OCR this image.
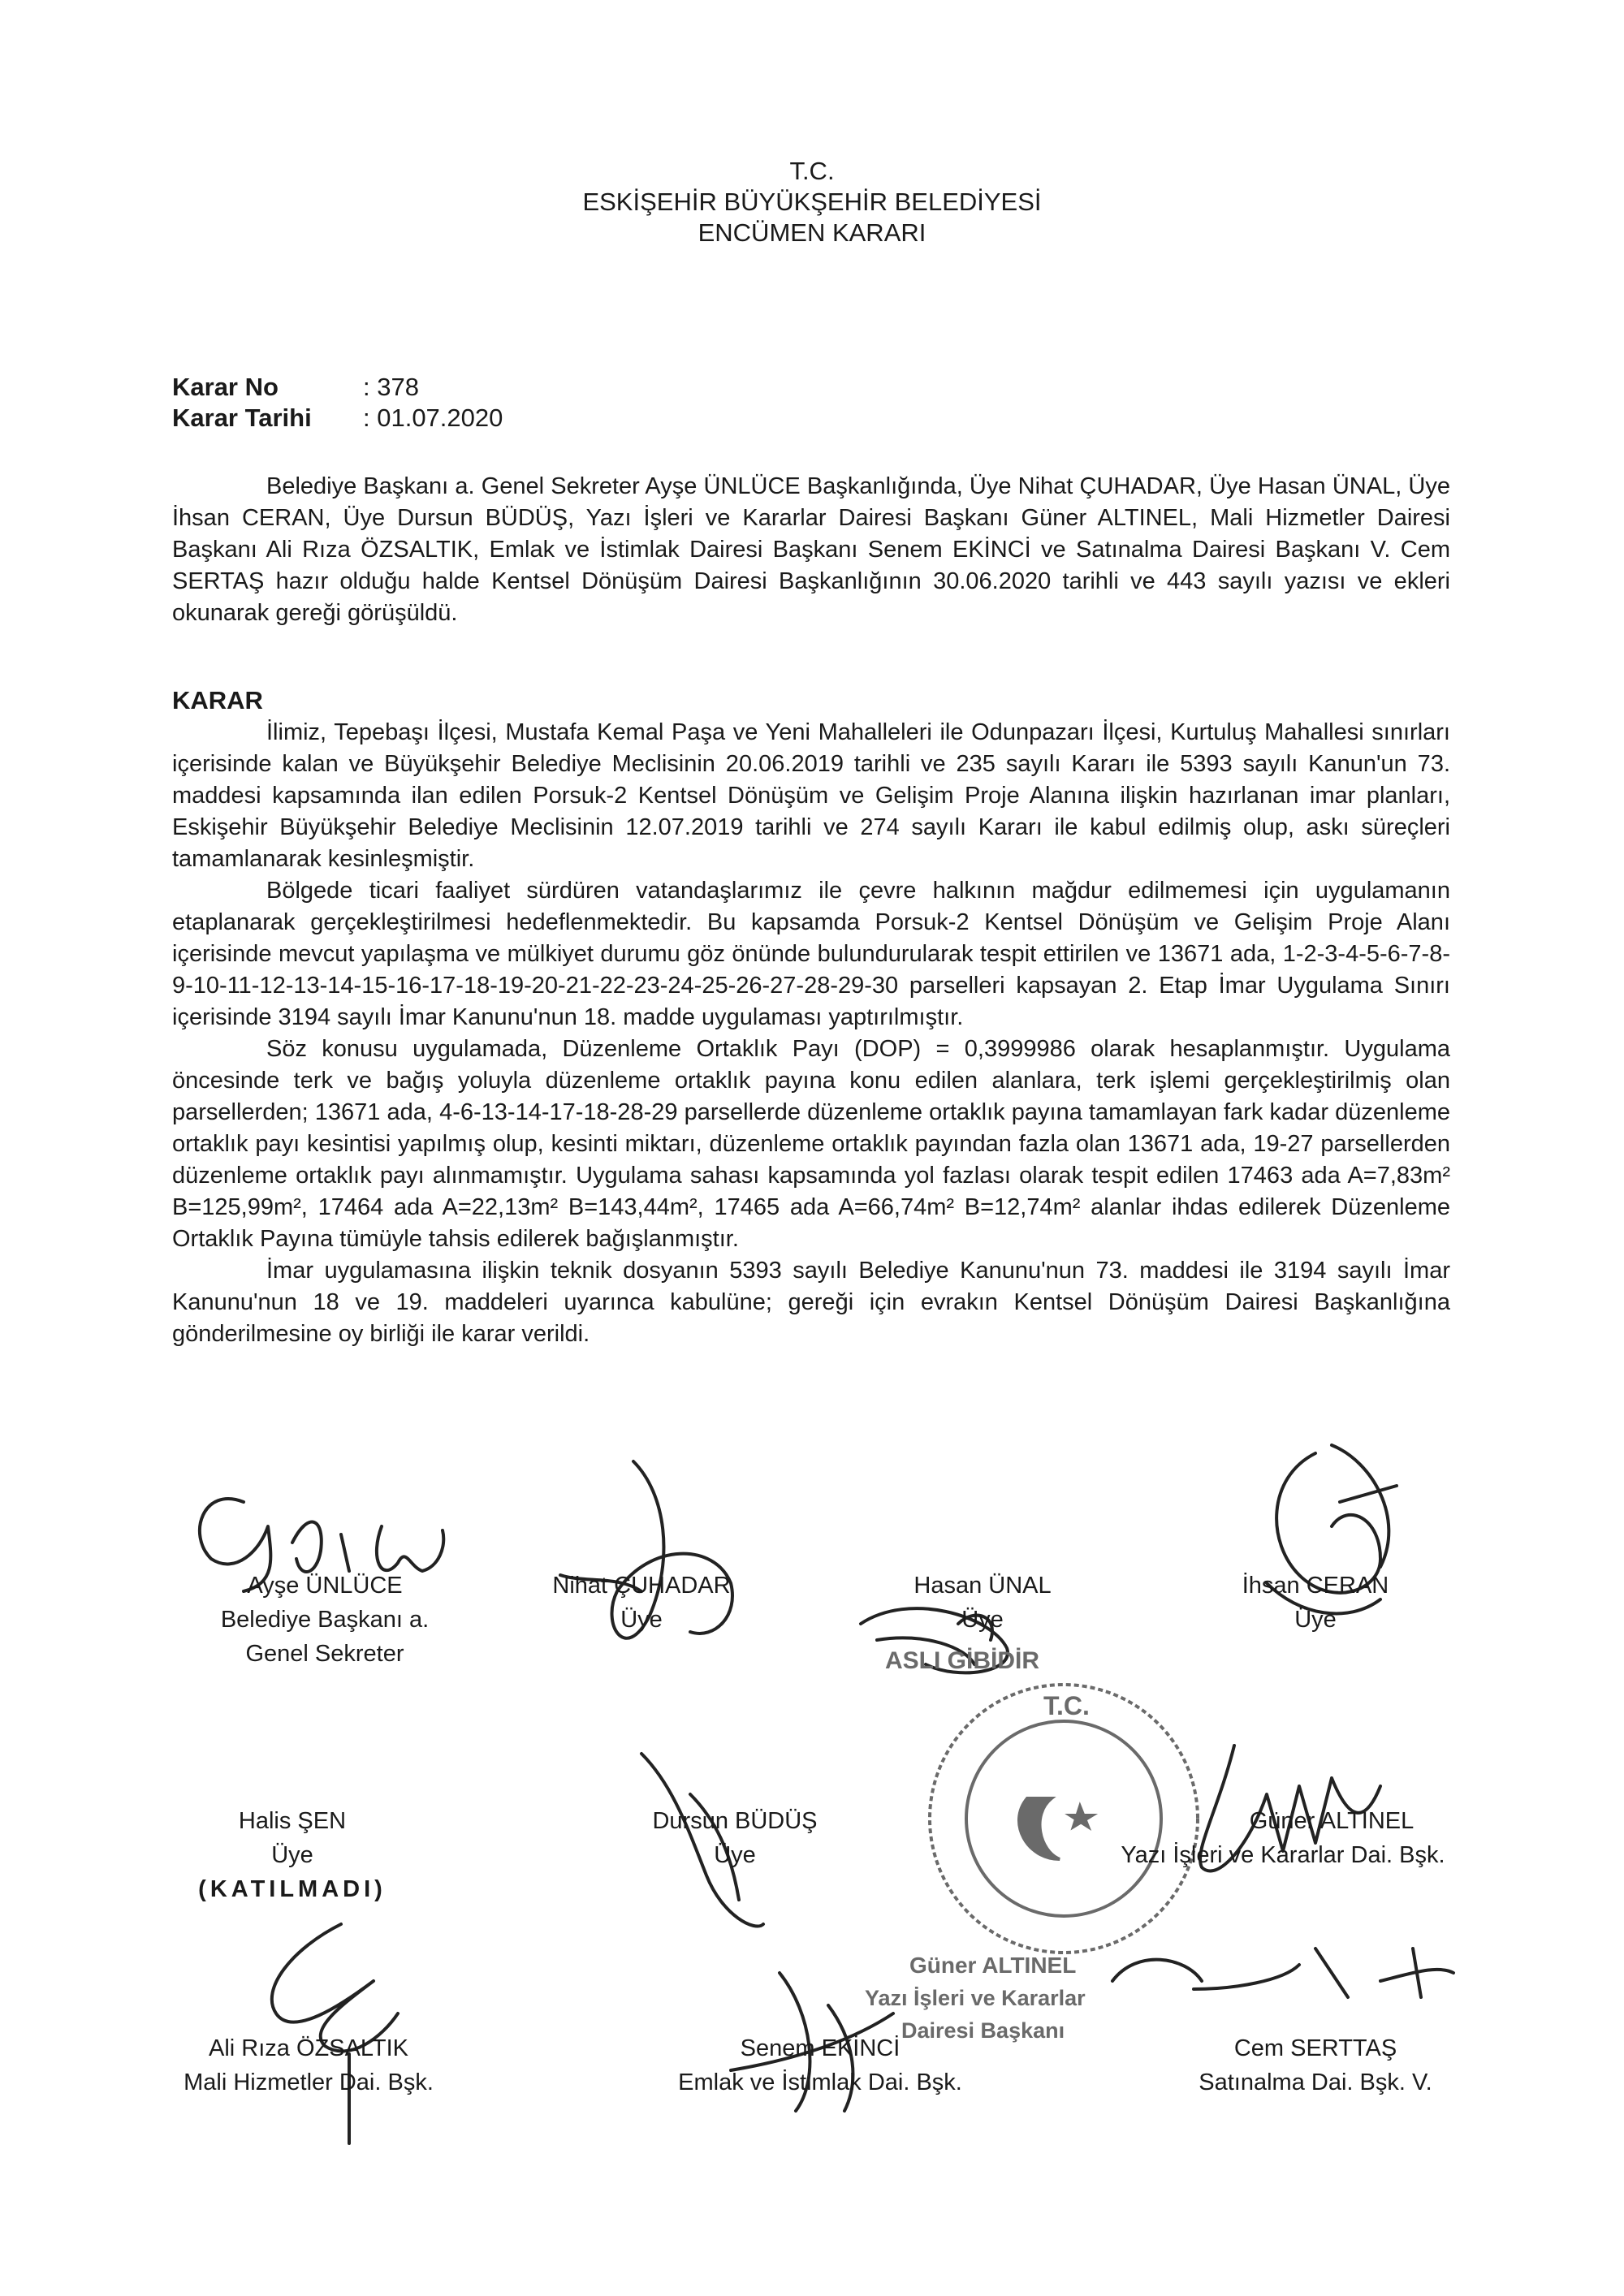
T.C.
ESKİŞEHİR BÜYÜKŞEHİR BELEDİYESİ
ENCÜMEN KARARI
Karar No	: 378
Karar Tarihi : 01.07.2020

Belediye Başkanı a. Genel Sekreter Ayşe ÜNLÜCE Başkanlığında, Üye Nihat ÇUHADAR, Üye Hasan ÜNAL, Üye İhsan CERAN, Üye Dursun BÜDÜŞ, Yazı İşleri ve Kararlar Dairesi Başkanı Güner ALTINEL, Mali Hizmetler Dairesi Başkanı Ali Rıza ÖZSALTIK, Emlak ve İstimlak Dairesi Başkanı Senem EKİNCİ ve Satınalma Dairesi Başkanı V. Cem SERTAŞ hazır olduğu halde Kentsel Dönüşüm Dairesi Başkanlığının 30.06.2020 tarihli ve 443 sayılı yazısı ve ekleri okunarak gereği görüşüldü.

KARAR

İlimiz, Tepebaşı İlçesi, Mustafa Kemal Paşa ve Yeni Mahalleleri ile Odunpazarı İlçesi, Kurtuluş Mahallesi sınırları içerisinde kalan ve Büyükşehir Belediye Meclisinin 20.06.2019 tarihli ve 235 sayılı Kararı ile 5393 sayılı Kanun'un 73. maddesi kapsamında ilan edilen Porsuk-2 Kentsel Dönüşüm ve Gelişim Proje Alanına ilişkin hazırlanan imar planları, Eskişehir Büyükşehir Belediye Meclisinin 12.07.2019 tarihli ve 274 sayılı Kararı ile kabul edilmiş olup, askı süreçleri tamamlanarak kesinleşmiştir.

Bölgede ticari faaliyet sürdüren vatandaşlarımız ile çevre halkının mağdur edilmemesi için uygulamanın etaplanarak gerçekleştirilmesi hedeflenmektedir. Bu kapsamda Porsuk-2 Kentsel Dönüşüm ve Gelişim Proje Alanı içerisinde mevcut yapılaşma ve mülkiyet durumu göz önünde bulundurularak tespit ettirilen ve 13671 ada, 1-2-3-4-5-6-7-8-9-10-11-12-13-14-15-16-17-18-19-20-21-22-23-24-25-26-27-28-29-30 parselleri kapsayan 2. Etap İmar Uygulama Sınırı içerisinde 3194 sayılı İmar Kanunu'nun 18. madde uygulaması yaptırılmıştır.

Söz konusu uygulamada, Düzenleme Ortaklık Payı (DOP) = 0,3999986 olarak hesaplanmıştır. Uygulama öncesinde terk ve bağış yoluyla düzenleme ortaklık payına konu edilen alanlara, terk işlemi gerçekleştirilmiş olan parsellerden; 13671 ada, 4-6-13-14-17-18-28-29 parsellerde düzenleme ortaklık payına tamamlayan fark kadar düzenleme ortaklık payı kesintisi yapılmış olup, kesinti miktarı, düzenleme ortaklık payından fazla olan 13671 ada, 19-27 parsellerden düzenleme ortaklık payı alınmamıştır. Uygulama sahası kapsamında yol fazlası olarak tespit edilen 17463 ada A=7,83m² B=125,99m², 17464 ada A=22,13m² B=143,44m², 17465 ada A=66,74m² B=12,74m² alanlar ihdas edilerek Düzenleme Ortaklık Payına tümüyle tahsis edilerek bağışlanmıştır.

İmar uygulamasına ilişkin teknik dosyanın 5393 sayılı Belediye Kanunu'nun 73. maddesi ile 3194 sayılı İmar Kanunu'nun 18 ve 19. maddeleri uyarınca kabulüne; gereği için evrakın Kentsel Dönüşüm Dairesi Başkanlığına gönderilmesine oy birliği ile karar verildi.

ASLI GİBİDİR
T.C.
Güner ALTINEL
Yazı İşleri ve Kararlar
Dairesi Başkanı
Ayşe ÜNLÜCE
Belediye Başkanı a.
Genel Sekreter
Nihat ÇUHADAR
Üye
Hasan ÜNAL
Üye
İhsan CERAN
Üye
Halis ŞEN
Üye
(KATILMADI)
Dursun BÜDÜŞ
Üye
Güner ALTINEL
Yazı İşleri ve Kararlar Dai. Bşk.
Ali Rıza ÖZSALTIK
Mali Hizmetler Dai. Bşk.
Senem EKİNCİ
Emlak ve İstimlak Dai. Bşk.
Cem SERTTAŞ
Satınalma Dai. Bşk. V.
